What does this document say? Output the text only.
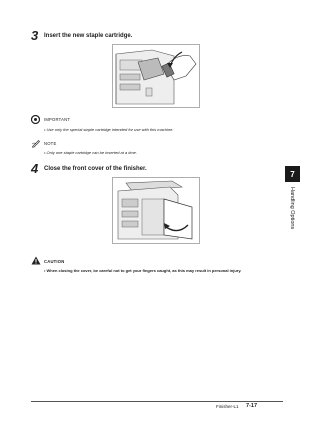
3 Insert the new staple cartridge.
IMPORTANT
• Use only the special staple cartridge intended for use with this machine.
NOTE
• Only one staple cartridge can be inserted at a time.
4 Close the front cover of the finisher.
CAUTION
• When closing the cover, be careful not to get your fingers caught, as this may result in personal injury.
7
Handling Options
Finisher-L1 7-17
